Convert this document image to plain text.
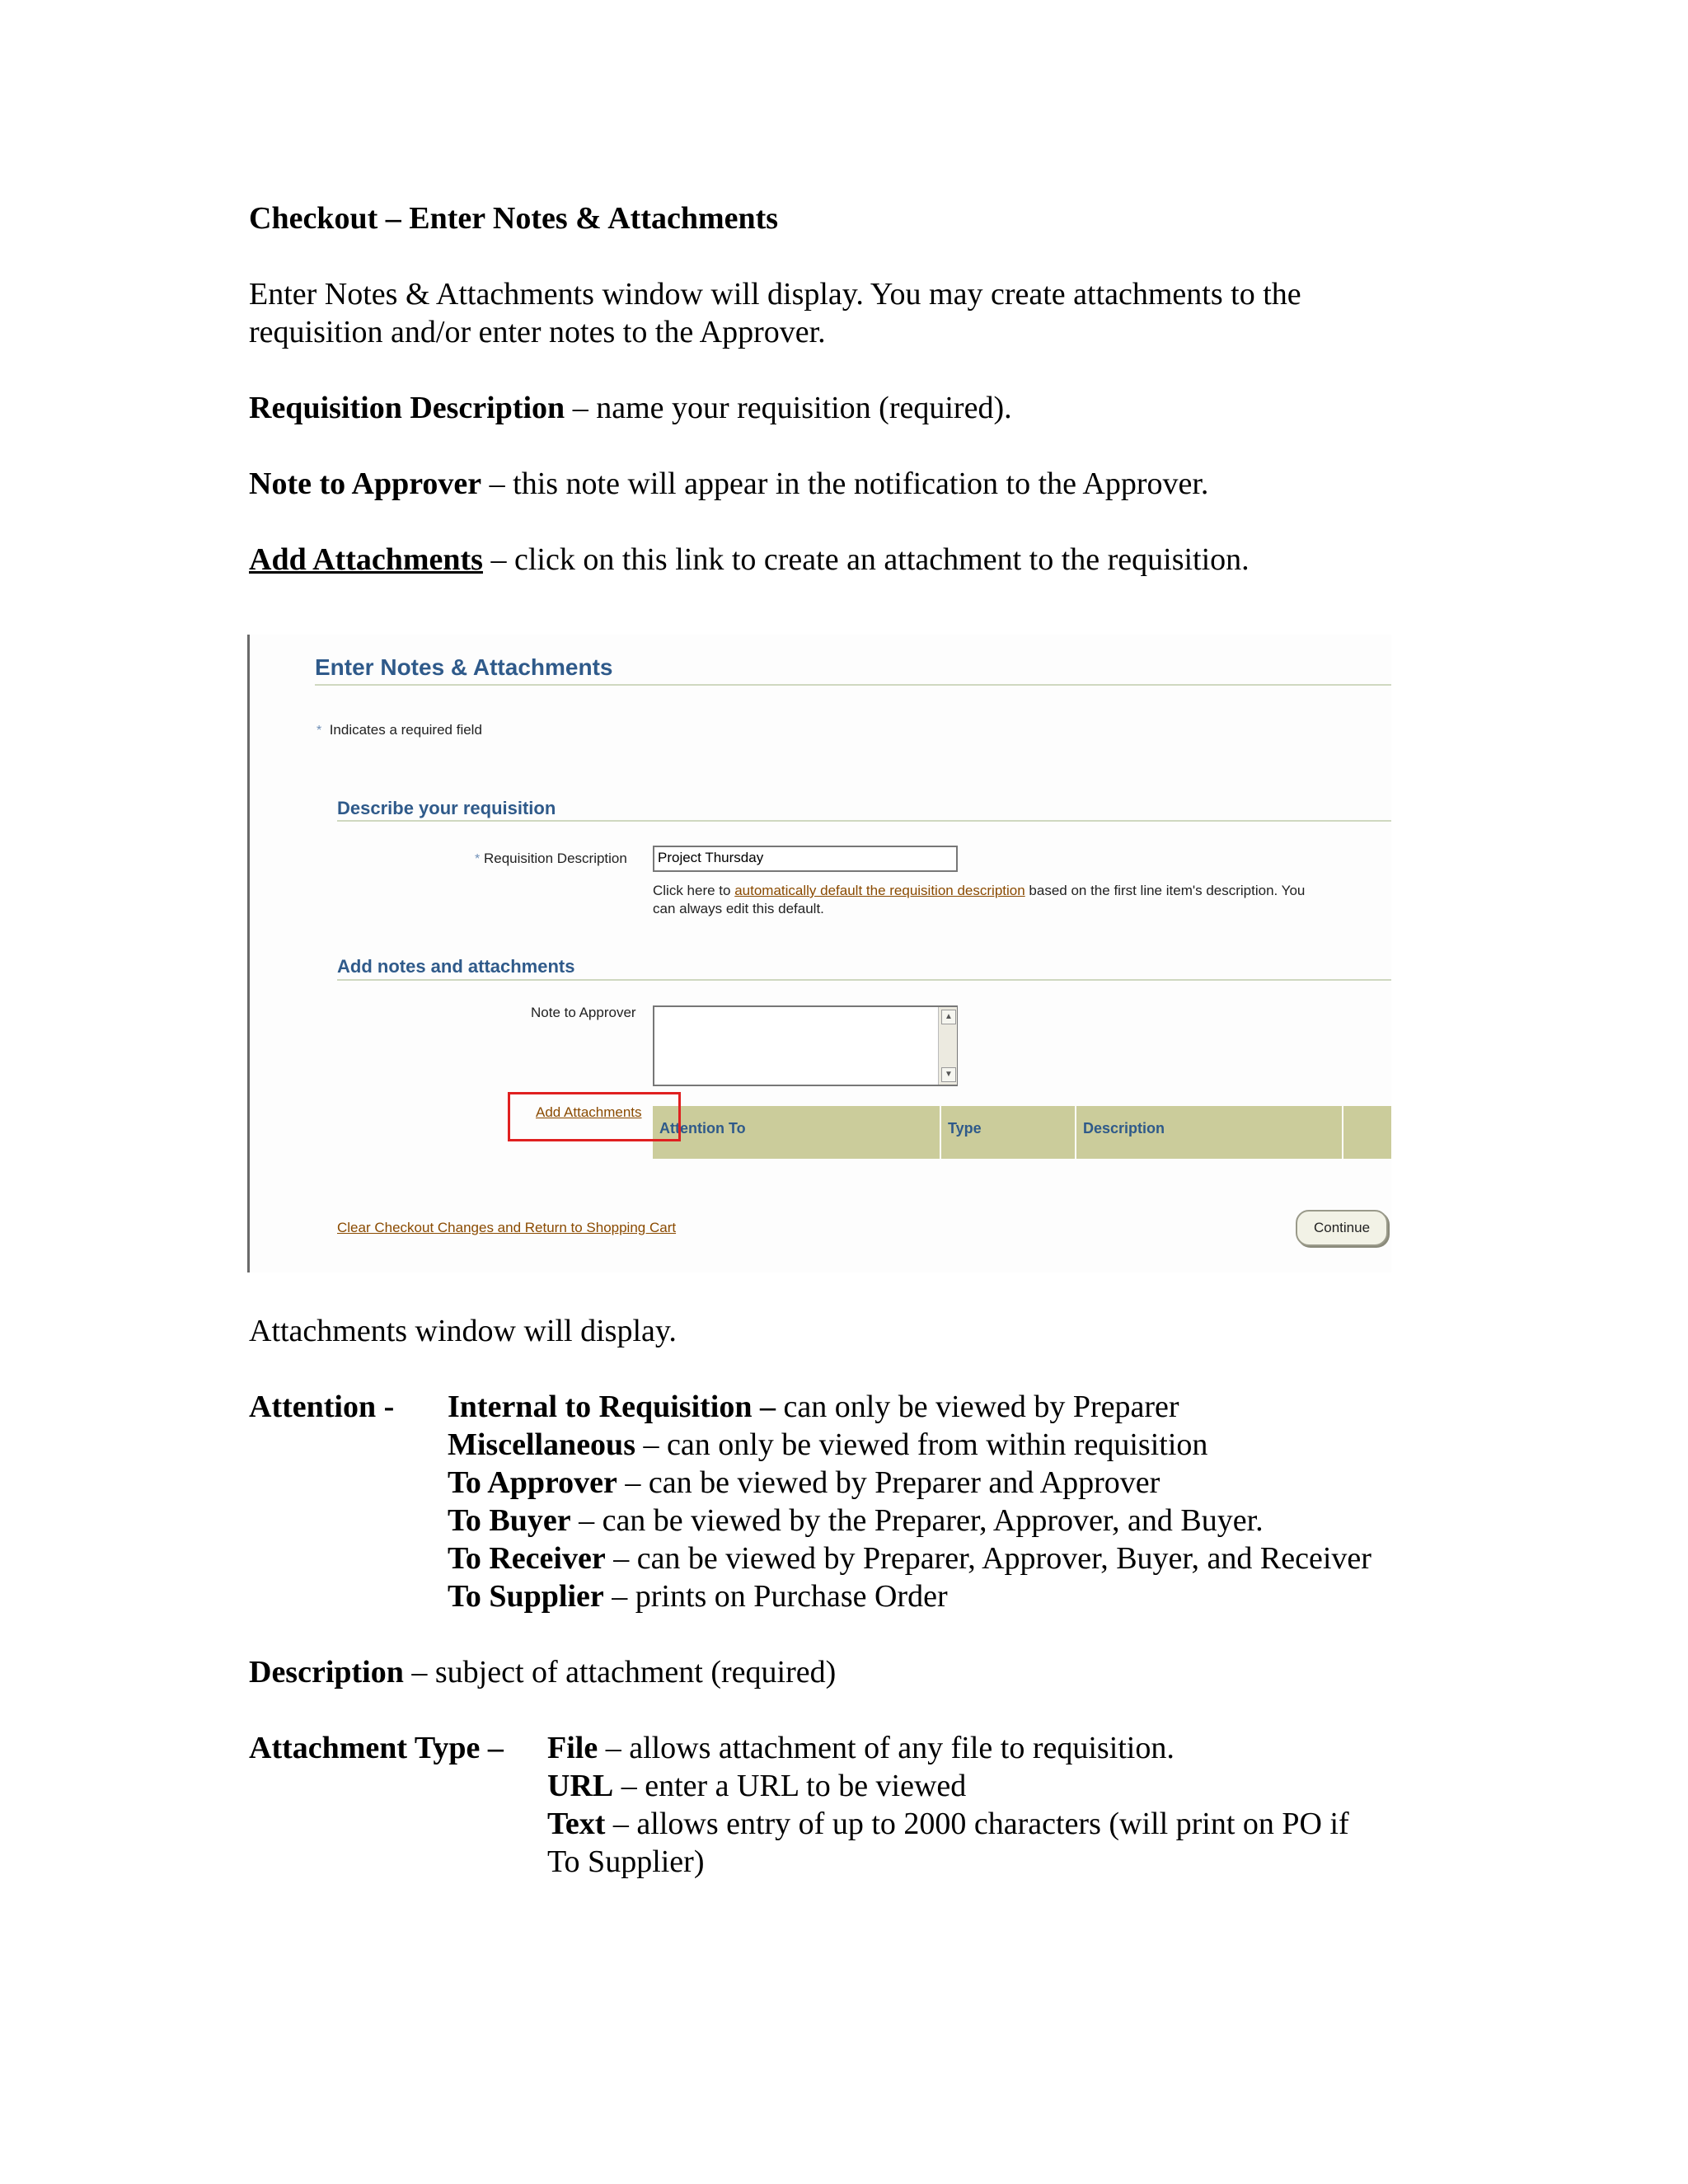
Checkout – Enter Notes & Attachments
Enter Notes & Attachments window will display. You may create attachments to the
requisition and/or enter notes to the Approver.
Requisition Description – name your requisition (required).
Note to Approver – this note will appear in the notification to the Approver.
Add Attachments – click on this link to create an attachment to the requisition.
Enter Notes & Attachments
* Indicates a required field
Describe your requisition
* Requisition Description	Project Thursday
Click here to automatically default the requisition description based on the first line item's description. You
can always edit this default.
Add notes and attachments
Note to Approver	▲
▼
Attention To	Type	Description
Add Attachments
Clear Checkout Changes and Return to Shopping Cart	Continue
Attachments window will display.
Attention -	Internal to Requisition – can only be viewed by Preparer
Miscellaneous – can only be viewed from within requisition
To Approver – can be viewed by Preparer and Approver
To Buyer – can be viewed by the Preparer, Approver, and Buyer.
To Receiver – can be viewed by Preparer, Approver, Buyer, and Receiver
To Supplier – prints on Purchase Order
Description – subject of attachment (required)
Attachment Type –	File – allows attachment of any file to requisition.
URL – enter a URL to be viewed
Text – allows entry of up to 2000 characters (will print on PO if
To Supplier)
